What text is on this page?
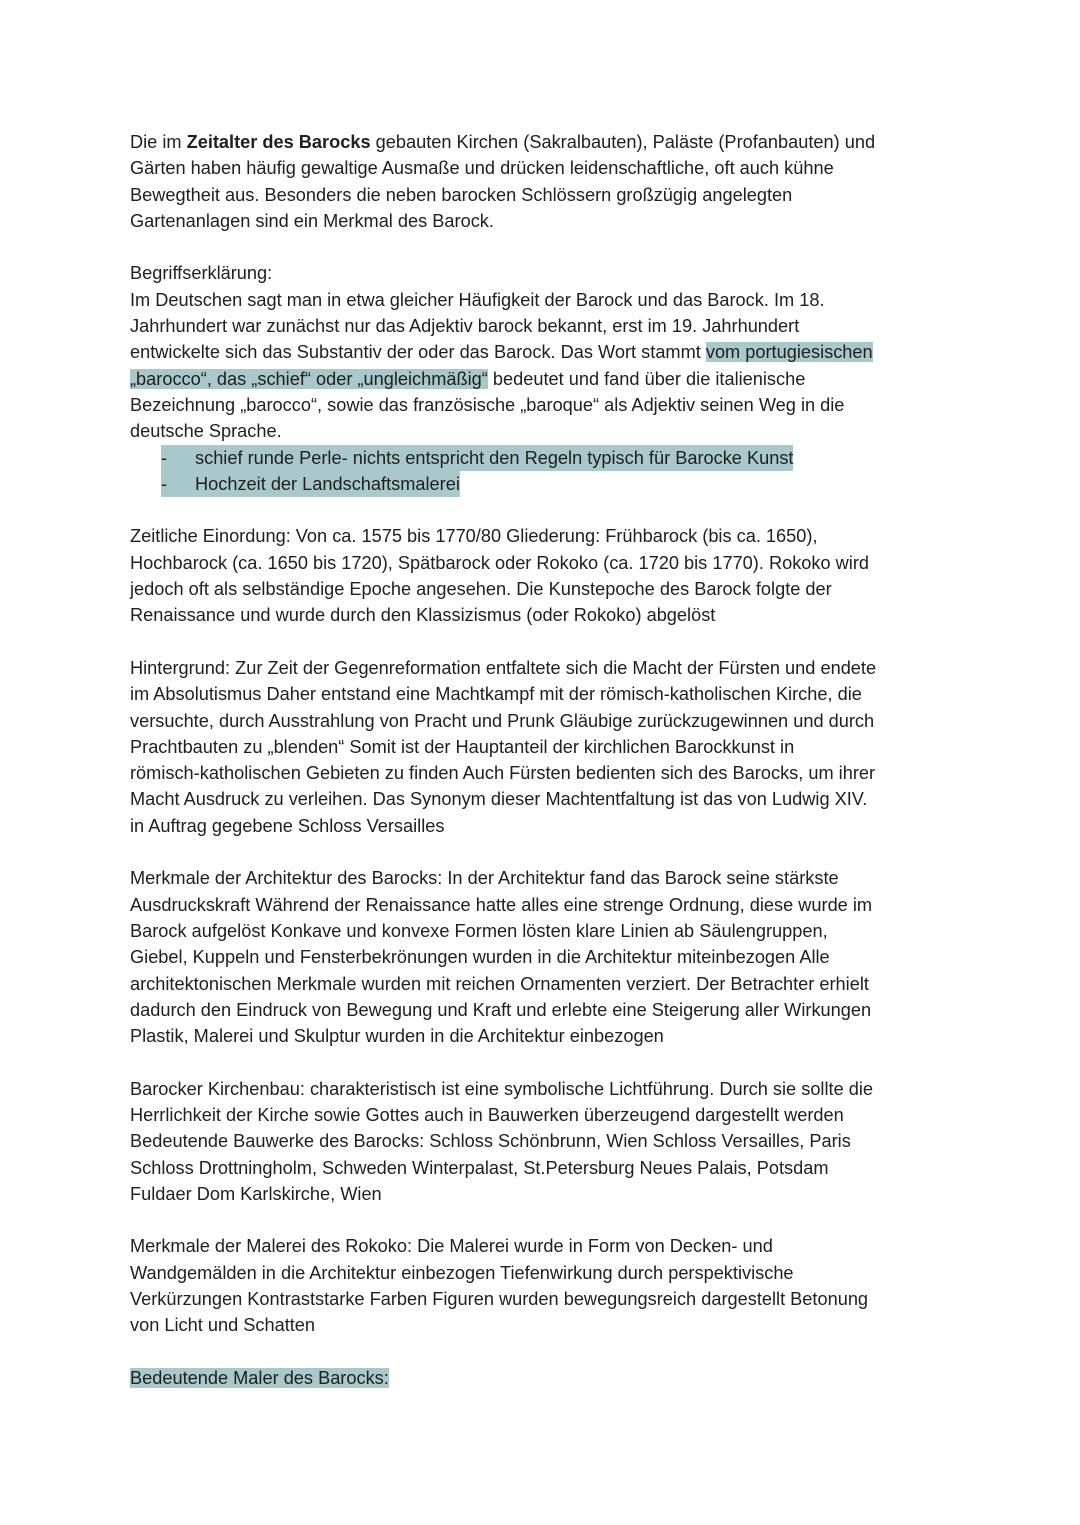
Die im Zeitalter des Barocks gebauten Kirchen (Sakralbauten), Paläste (Profanbauten) und
Gärten haben häufig gewaltige Ausmaße und drücken leidenschaftliche, oft auch kühne
Bewegtheit aus. Besonders die neben barocken Schlössern großzügig angelegten
Gartenanlagen sind ein Merkmal des Barock.
Begriffserklärung:
Im Deutschen sagt man in etwa gleicher Häufigkeit der Barock und das Barock. Im 18.
Jahrhundert war zunächst nur das Adjektiv barock bekannt, erst im 19. Jahrhundert
entwickelte sich das Substantiv der oder das Barock. Das Wort stammt vom portugiesischen
„barocco“, das „schief“ oder „ungleichmäßig“ bedeutet und fand über die italienische
Bezeichnung „barocco“, sowie das französische „baroque“ als Adjektiv seinen Weg in die
deutsche Sprache.
- schief runde Perle- nichts entspricht den Regeln typisch für Barocke Kunst
- Hochzeit der Landschaftsmalerei
Zeitliche Einordung: Von ca. 1575 bis 1770/80 Gliederung: Frühbarock (bis ca. 1650),
Hochbarock (ca. 1650 bis 1720), Spätbarock oder Rokoko (ca. 1720 bis 1770). Rokoko wird
jedoch oft als selbständige Epoche angesehen. Die Kunstepoche des Barock folgte der
Renaissance und wurde durch den Klassizismus (oder Rokoko) abgelöst
Hintergrund: Zur Zeit der Gegenreformation entfaltete sich die Macht der Fürsten und endete
im Absolutismus Daher entstand eine Machtkampf mit der römisch-katholischen Kirche, die
versuchte, durch Ausstrahlung von Pracht und Prunk Gläubige zurückzugewinnen und durch
Prachtbauten zu „blenden“ Somit ist der Hauptanteil der kirchlichen Barockkunst in
römisch-katholischen Gebieten zu finden Auch Fürsten bedienten sich des Barocks, um ihrer
Macht Ausdruck zu verleihen. Das Synonym dieser Machtentfaltung ist das von Ludwig XIV.
in Auftrag gegebene Schloss Versailles
Merkmale der Architektur des Barocks: In der Architektur fand das Barock seine stärkste
Ausdruckskraft Während der Renaissance hatte alles eine strenge Ordnung, diese wurde im
Barock aufgelöst Konkave und konvexe Formen lösten klare Linien ab Säulengruppen,
Giebel, Kuppeln und Fensterbekrönungen wurden in die Architektur miteinbezogen Alle
architektonischen Merkmale wurden mit reichen Ornamenten verziert. Der Betrachter erhielt
dadurch den Eindruck von Bewegung und Kraft und erlebte eine Steigerung aller Wirkungen
Plastik, Malerei und Skulptur wurden in die Architektur einbezogen
Barocker Kirchenbau: charakteristisch ist eine symbolische Lichtführung. Durch sie sollte die
Herrlichkeit der Kirche sowie Gottes auch in Bauwerken überzeugend dargestellt werden
Bedeutende Bauwerke des Barocks: Schloss Schönbrunn, Wien Schloss Versailles, Paris
Schloss Drottningholm, Schweden Winterpalast, St.Petersburg Neues Palais, Potsdam
Fuldaer Dom Karlskirche, Wien
Merkmale der Malerei des Rokoko: Die Malerei wurde in Form von Decken- und
Wandgemälden in die Architektur einbezogen Tiefenwirkung durch perspektivische
Verkürzungen Kontraststarke Farben Figuren wurden bewegungsreich dargestellt Betonung
von Licht und Schatten
Bedeutende Maler des Barocks:
